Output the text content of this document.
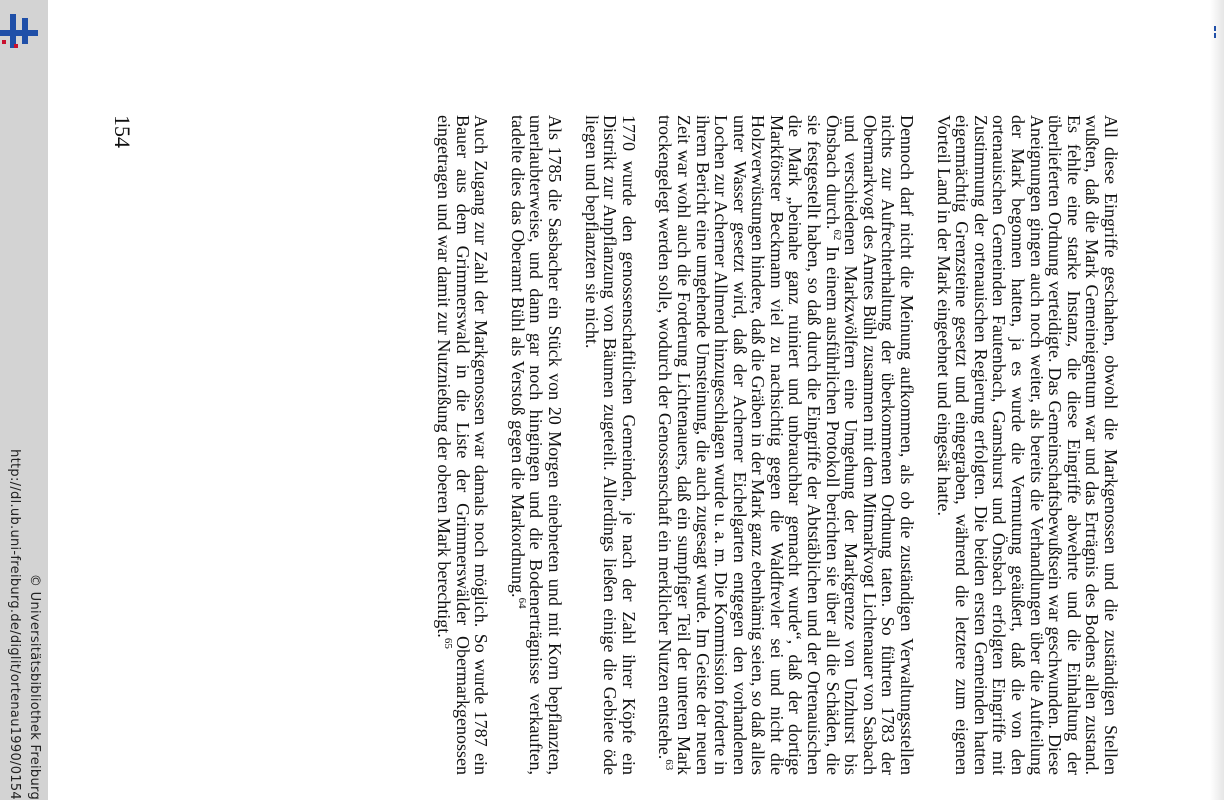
http://dl.ub.uni-freiburg.de/diglit/ortenau1990/0154 © Universitätsbibliothek Freiburg	All diese Eingriffe geschahen, obwohl die Markgenossen und die zuständigen Stellen wußten, daß die Mark Gemeineigentum war und das Erträgnis des Bodens allen zustand. Es fehlte eine starke Instanz, die diese Eingriffe abwehrte und die Einhaltung der überlieferten Ordnung verteidigte. Das Gemeinschaftsbewußtsein war geschwunden. Diese Aneignungen gingen auch noch weiter, als bereits die Verhandlungen über die Aufteilung der Mark begonnen hatten, ja es wurde die Vermutung geäußert, daß die von den ortenauischen Gemeinden Fautenbach, Gamshurst und Önsbach erfolgten Eingriffe mit Zustimmung der ortenauischen Regierung erfolgten. Die beiden ersten Gemeinden hatten eigenmächtig Grenzsteine gesetzt und eingegraben, während die letztere zum eigenen Vorteil Land in der Mark eingeebnet und eingesät hatte.

Dennoch darf nicht die Meinung aufkommen, als ob die zuständigen Verwaltungsstellen nichts zur Aufrechterhaltung der überkommenen Ordnung taten. So führten 1783 der Obermarkvogt des Amtes Bühl zusammen mit dem Mitmarkvogt Lichtenauer von Sasbach und verschiedenen Markzwölfern eine Umgehung der Markgrenze von Unzhurst bis Önsbach durch.$^{62}$ In einem ausführlichen Protokoll berichten sie über all die Schäden, die sie festgestellt haben, so daß durch die Eingriffe der Abtstäblichen und der Ortenauischen die Mark „beinahe ganz ruiniert und unbrauchbar gemacht wurde“, daß der dortige Markförster Beckmann viel zu nachsichtig gegen die Waldfrevler sei und nicht die Holzverwüstungen hindere, daß die Gräben in der Mark ganz ebenhämig seien, so daß alles unter Wasser gesetzt wird, daß der Acherner Eichelgarten entgegen den vorhandenen Lochen zur Acherner Allmend hinzugeschlagen wurde u. a. m. Die Kommission forderte in ihrem Bericht eine umgehende Umsteinung, die auch zugesagt wurde. Im Geiste der neuen Zeit war wohl auch die Forderung Lichtenauers, daß ein sumpfiger Teil der unteren Mark trockengelegt werden solle, wodurch der Genossenschaft ein merklicher Nutzen entstehe.$^{63}$

1770 wurde den genossenschaftlichen Gemeinden, je nach der Zahl ihrer Köpfe ein Distrikt zur Anpflanzung von Bäumen zugeteilt. Allerdings ließen einige die Gebiete öde liegen und bepflanzten sie nicht.

Als 1785 die Sasbacher ein Stück von 20 Morgen einebneten und mit Korn bepflanzten, unerlaubterweise, und dann gar noch hingingen und die Bodenerträgnisse verkauften, tadelte dies das Oberamt Bühl als Verstoß gegen die Markordnung.$^{64}$

Auch Zugang zur Zahl der Markgenossen war damals noch möglich. So wurde 1787 ein Bauer aus dem Grimmerswald in die Liste der Grimmerswälder Obermarkgenossen eingetragen und war damit zur Nutznießung der oberen Mark berechtigt.$^{65}$

154
